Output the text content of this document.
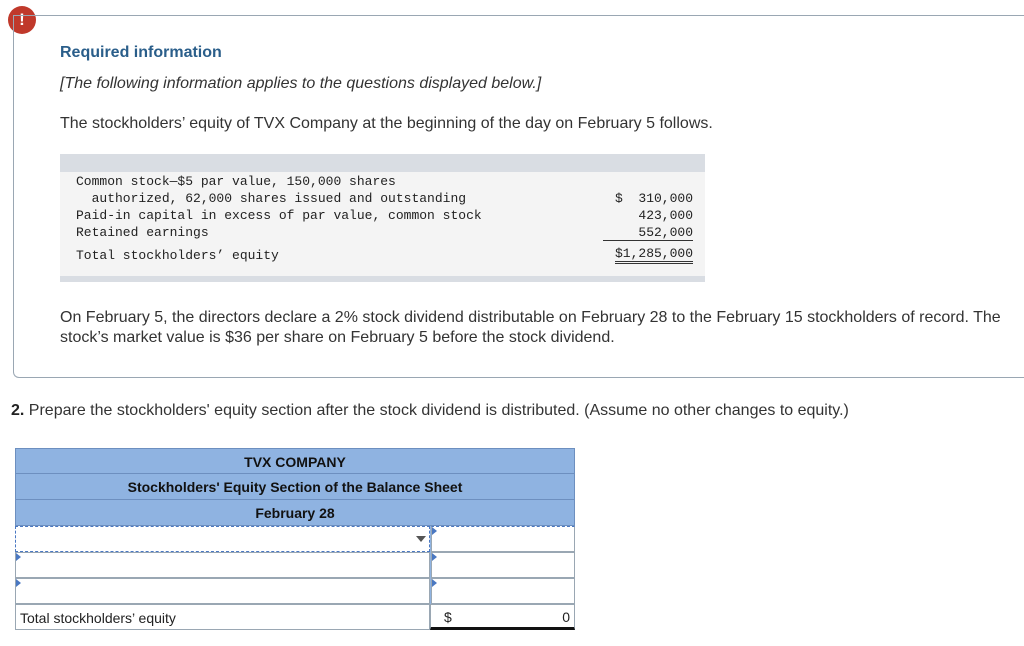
!
Required information
[The following information applies to the questions displayed below.]
The stockholders’ equity of TVX Company at the beginning of the day on February 5 follows.
Common stock—$5 par value, 150,000 shares
authorized, 62,000 shares issued and outstanding	$  310,000
Paid-in capital in excess of par value, common stock	423,000
Retained earnings	552,000
Total stockholders’ equity	$1,285,000
On February 5, the directors declare a 2% stock dividend distributable on February 28 to the February 15 stockholders of record. The stock’s market value is $36 per share on February 5 before the stock dividend.
2. Prepare the stockholders' equity section after the stock dividend is distributed. (Assume no other changes to equity.)
TVX COMPANY
Stockholders' Equity Section of the Balance Sheet
February 28
Total stockholders’ equity	$	0
